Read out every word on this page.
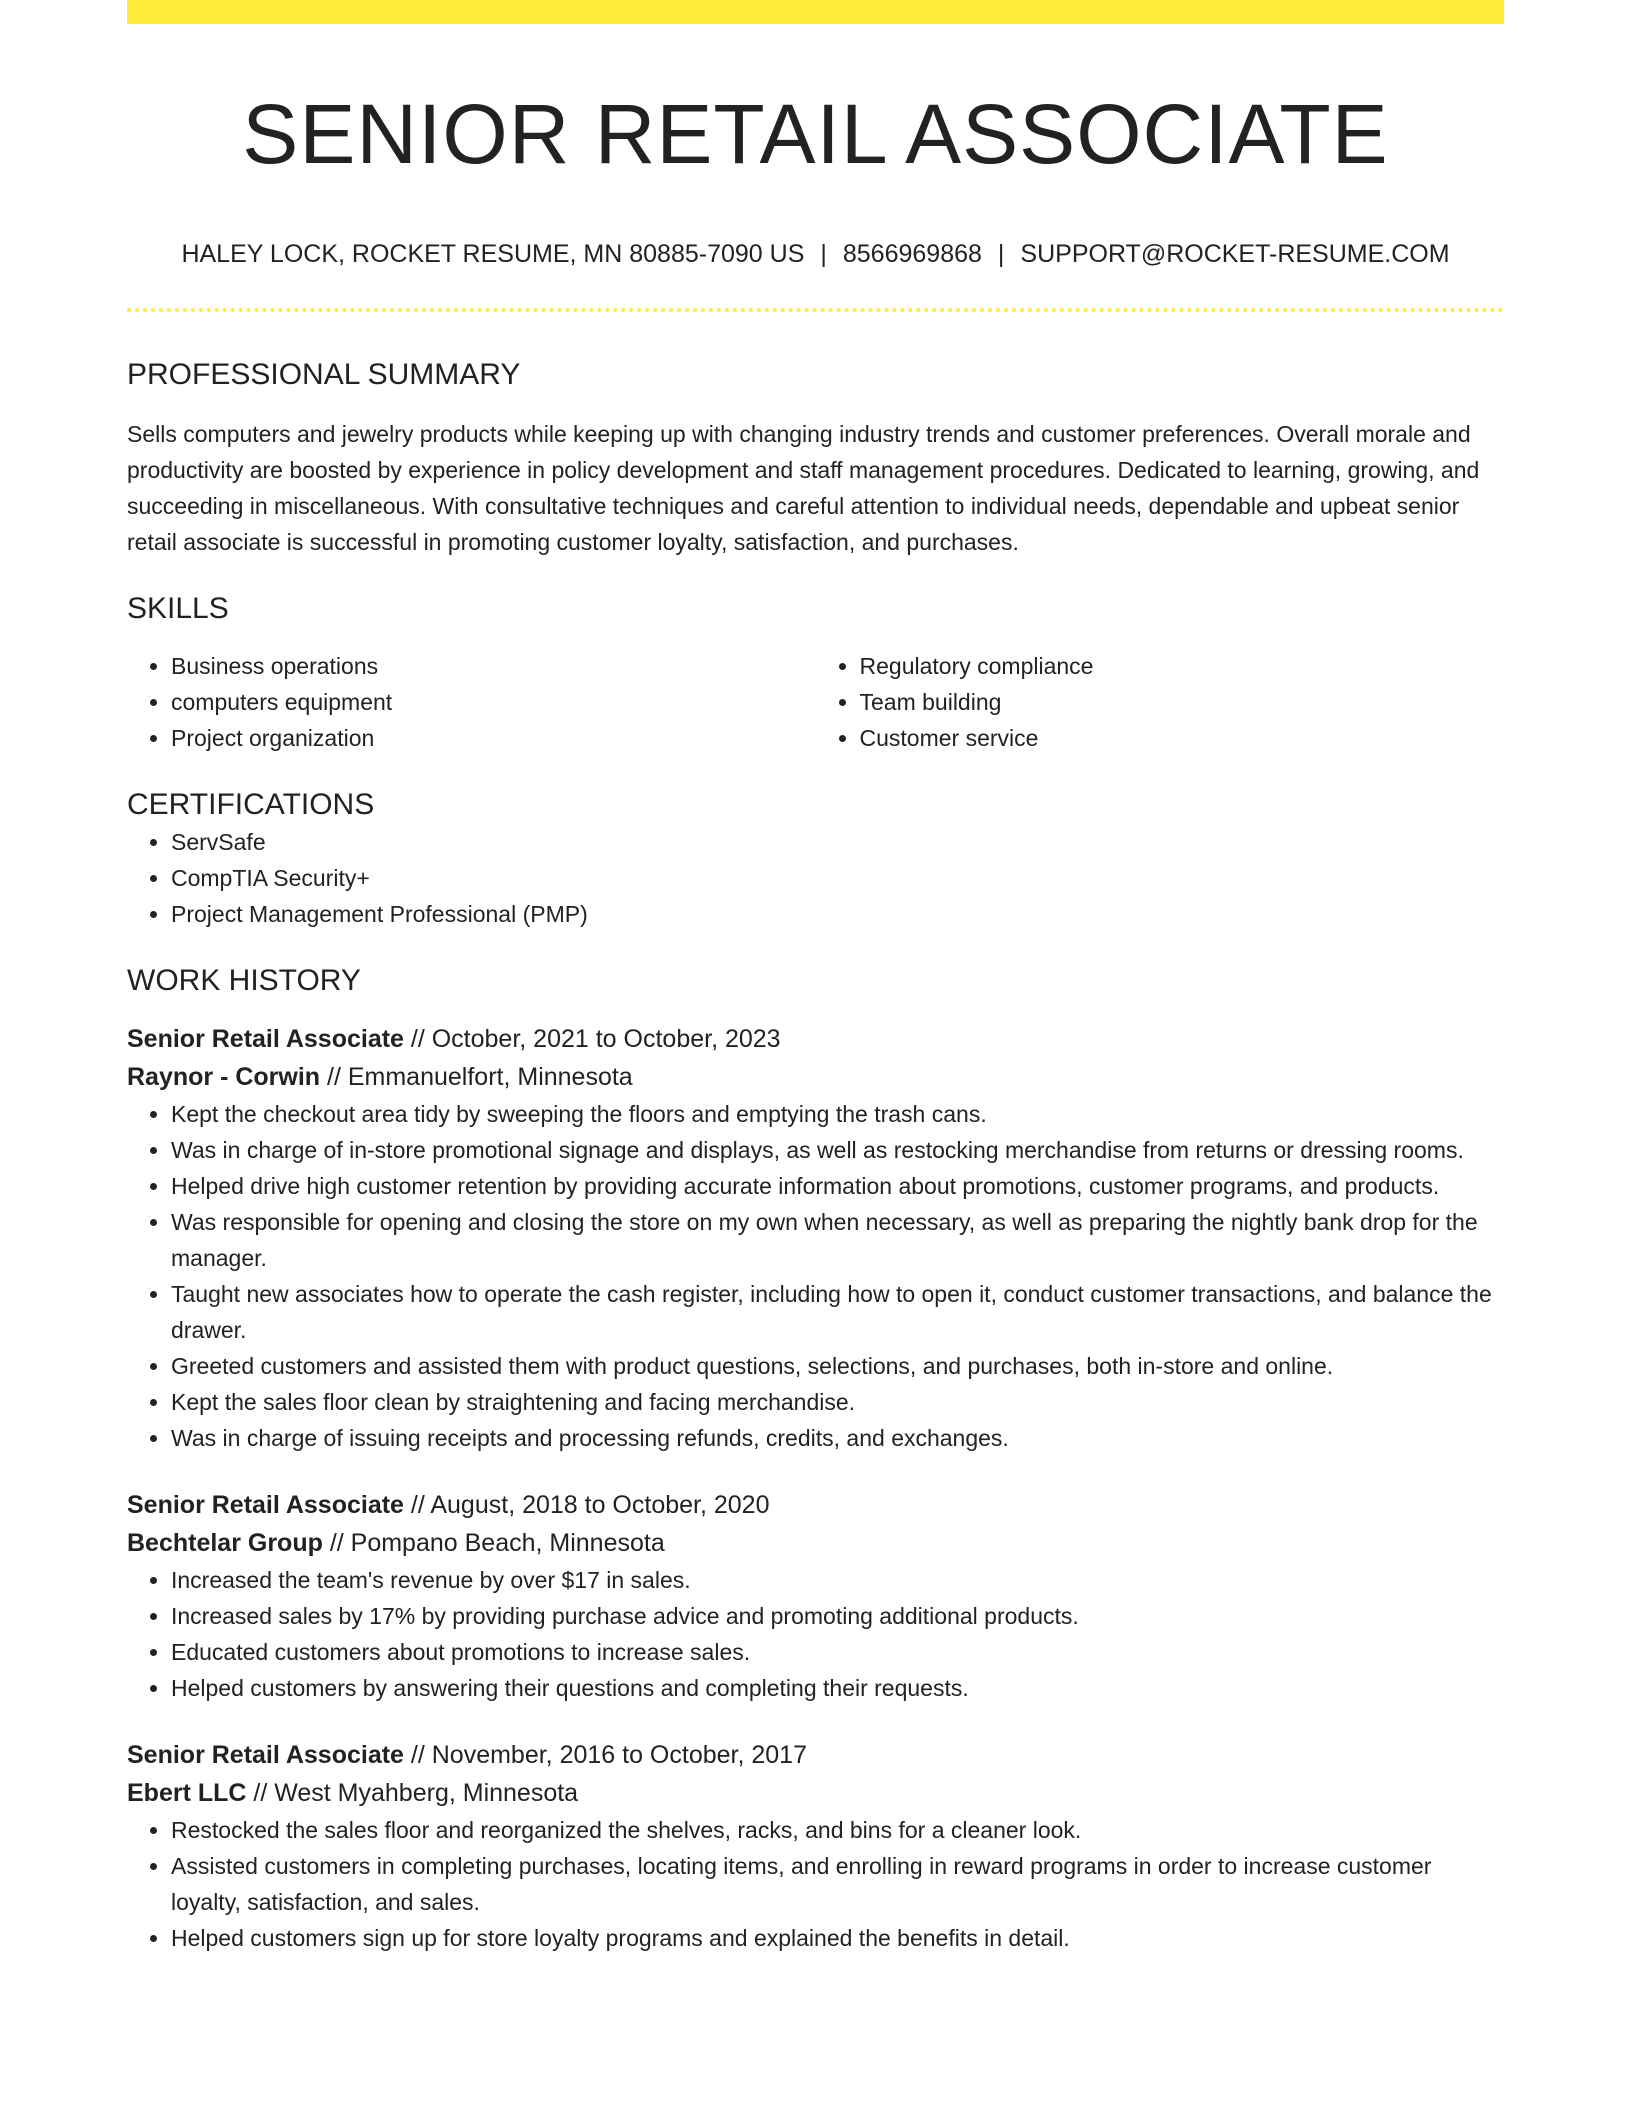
SENIOR RETAIL ASSOCIATE
HALEY LOCK, ROCKET RESUME, MN 80885-7090 US | 8566969868 | SUPPORT@ROCKET-RESUME.COM
PROFESSIONAL SUMMARY

Sells computers and jewelry products while keeping up with changing industry trends and customer preferences. Overall morale and productivity are boosted by experience in policy development and staff management procedures. Dedicated to learning, growing, and succeeding in miscellaneous. With consultative techniques and careful attention to individual needs, dependable and upbeat senior retail associate is successful in promoting customer loyalty, satisfaction, and purchases.

SKILLS
• Business operations
• computers equipment
• Project organization
• Regulatory compliance
• Team building
• Customer service
CERTIFICATIONS
• ServSafe
• CompTIA Security+
• Project Management Professional (PMP)
WORK HISTORY
Senior Retail Associate // October, 2021 to October, 2023
Raynor - Corwin // Emmanuelfort, Minnesota
• Kept the checkout area tidy by sweeping the floors and emptying the trash cans.
• Was in charge of in-store promotional signage and displays, as well as restocking merchandise from returns or dressing rooms.
• Helped drive high customer retention by providing accurate information about promotions, customer programs, and products.
• Was responsible for opening and closing the store on my own when necessary, as well as preparing the nightly bank drop for the manager.
• Taught new associates how to operate the cash register, including how to open it, conduct customer transactions, and balance the drawer.
• Greeted customers and assisted them with product questions, selections, and purchases, both in-store and online.
• Kept the sales floor clean by straightening and facing merchandise.
• Was in charge of issuing receipts and processing refunds, credits, and exchanges.
Senior Retail Associate // August, 2018 to October, 2020
Bechtelar Group // Pompano Beach, Minnesota
• Increased the team's revenue by over $17 in sales.
• Increased sales by 17% by providing purchase advice and promoting additional products.
• Educated customers about promotions to increase sales.
• Helped customers by answering their questions and completing their requests.
Senior Retail Associate // November, 2016 to October, 2017
Ebert LLC // West Myahberg, Minnesota
• Restocked the sales floor and reorganized the shelves, racks, and bins for a cleaner look.
• Assisted customers in completing purchases, locating items, and enrolling in reward programs in order to increase customer loyalty, satisfaction, and sales.
• Helped customers sign up for store loyalty programs and explained the benefits in detail.
